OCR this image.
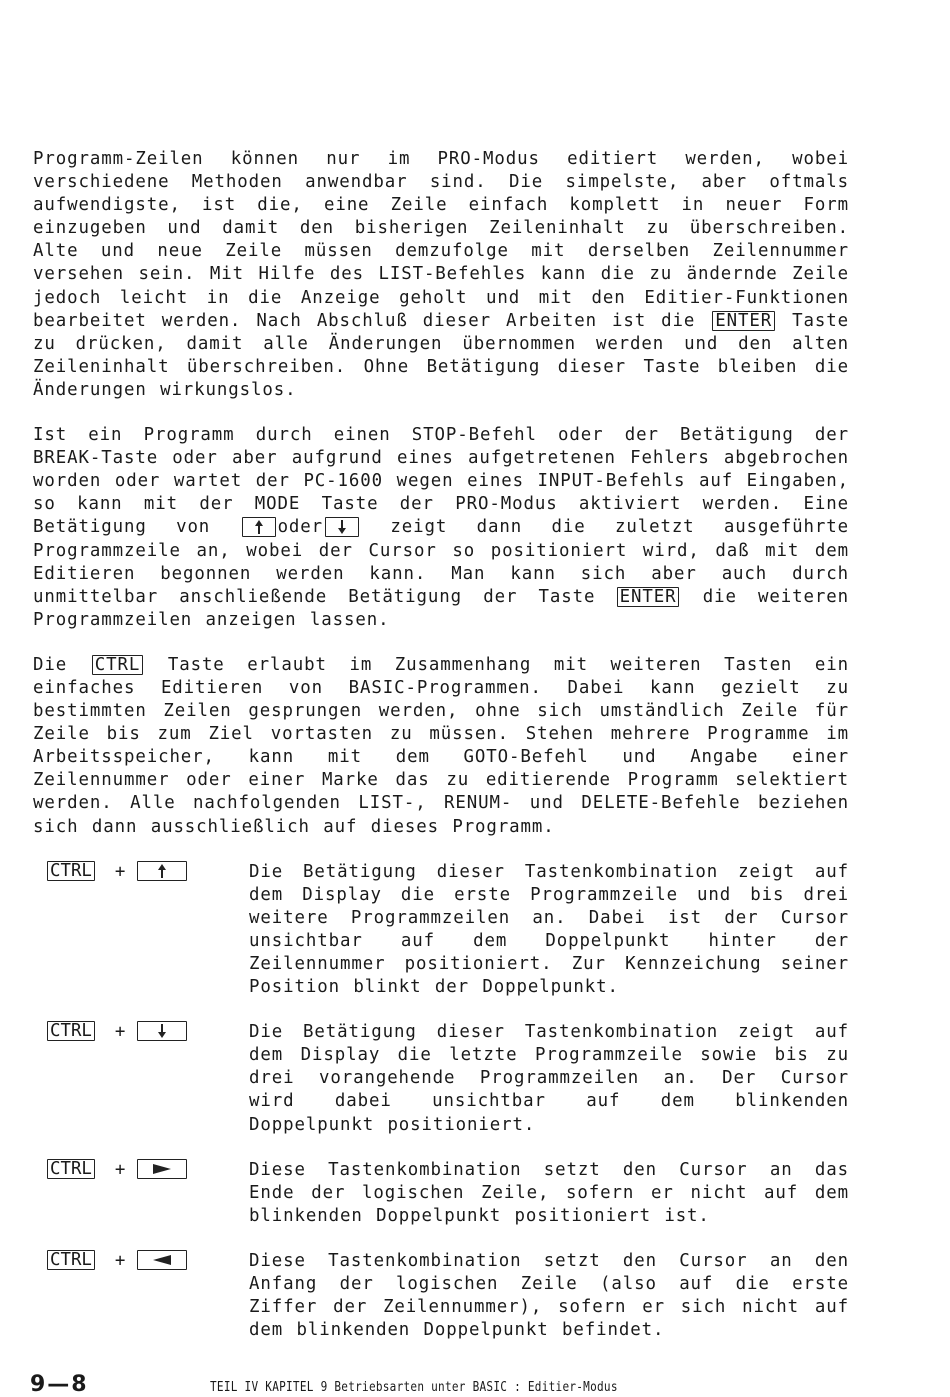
Programm-Zeilen können nur im PRO-Modus editiert werden, wobei verschiedene Methoden anwendbar sind. Die simpelste, aber oftmals aufwendigste, ist die, eine Zeile einfach komplett in neuer Form einzugeben und damit den bisherigen Zeileninhalt zu überschreiben. Alte und neue Zeile müssen demzufolge mit derselben Zeilennummer versehen sein. Mit Hilfe des LIST-Befehles kann die zu ändernde Zeile jedoch leicht in die Anzeige geholt und mit den Editier-Funktionen bearbeitet werden. Nach Abschluß dieser Arbeiten ist die ENTER Taste zu drücken, damit alle Änderungen übernommen werden und den alten Zeileninhalt überschreiben. Ohne Betätigung dieser Taste bleiben die Änderungen wirkungslos.

Ist ein Programm durch einen STOP-Befehl oder der Betätigung der BREAK-Taste oder aber aufgrund eines aufgetretenen Fehlers abgebrochen worden oder wartet der PC-1600 wegen eines INPUT-Befehls auf Eingaben, so kann mit der MODE Taste der PRO-Modus aktiviert werden. Eine Betätigung von	oder	zeigt dann die zuletzt ausgeführte Programmzeile an, wobei der Cursor so positioniert wird, daß mit dem Editieren begonnen werden kann. Man kann sich aber auch durch unmittelbar anschließende Betätigung der Taste ENTER die weiteren Programmzeilen anzeigen lassen.

Die CTRL Taste erlaubt im Zusammenhang mit weiteren Tasten ein einfaches Editieren von BASIC-Programmen. Dabei kann gezielt zu bestimmten Zeilen gesprungen werden, ohne sich umständlich Zeile für Zeile bis zum Ziel vortasten zu müssen. Stehen mehrere Programme im Arbeitsspeicher, kann mit dem GOTO-Befehl und Angabe einer Zeilennummer oder einer Marke das zu editierende Programm selektiert werden. Alle nachfolgenden LIST-, RENUM- und DELETE-Befehle beziehen sich dann ausschließlich auf dieses Programm.

CTRL +	Die Betätigung dieser Tastenkombination zeigt auf dem Display die erste Programmzeile und bis drei weitere Programmzeilen an. Dabei ist der Cursor unsichtbar auf dem Doppelpunkt hinter der Zeilennummer positioniert. Zur Kennzeichung seiner Position blinkt der Doppelpunkt.
CTRL +	Die Betätigung dieser Tastenkombination zeigt auf dem Display die letzte Programmzeile sowie bis zu drei vorangehende Programmzeilen an. Der Cursor wird dabei unsichtbar auf dem blinkenden Doppelpunkt positioniert.
CTRL +	Diese Tastenkombination setzt den Cursor an das Ende der logischen Zeile, sofern er nicht auf dem blinkenden Doppelpunkt positioniert ist.
CTRL +	Diese Tastenkombination setzt den Cursor an den Anfang der logischen Zeile (also auf die erste Ziffer der Zeilennummer), sofern er sich nicht auf dem blinkenden Doppelpunkt befindet.
9—8	TEIL IV KAPITEL 9 Betriebsarten unter BASIC : Editier-Modus
